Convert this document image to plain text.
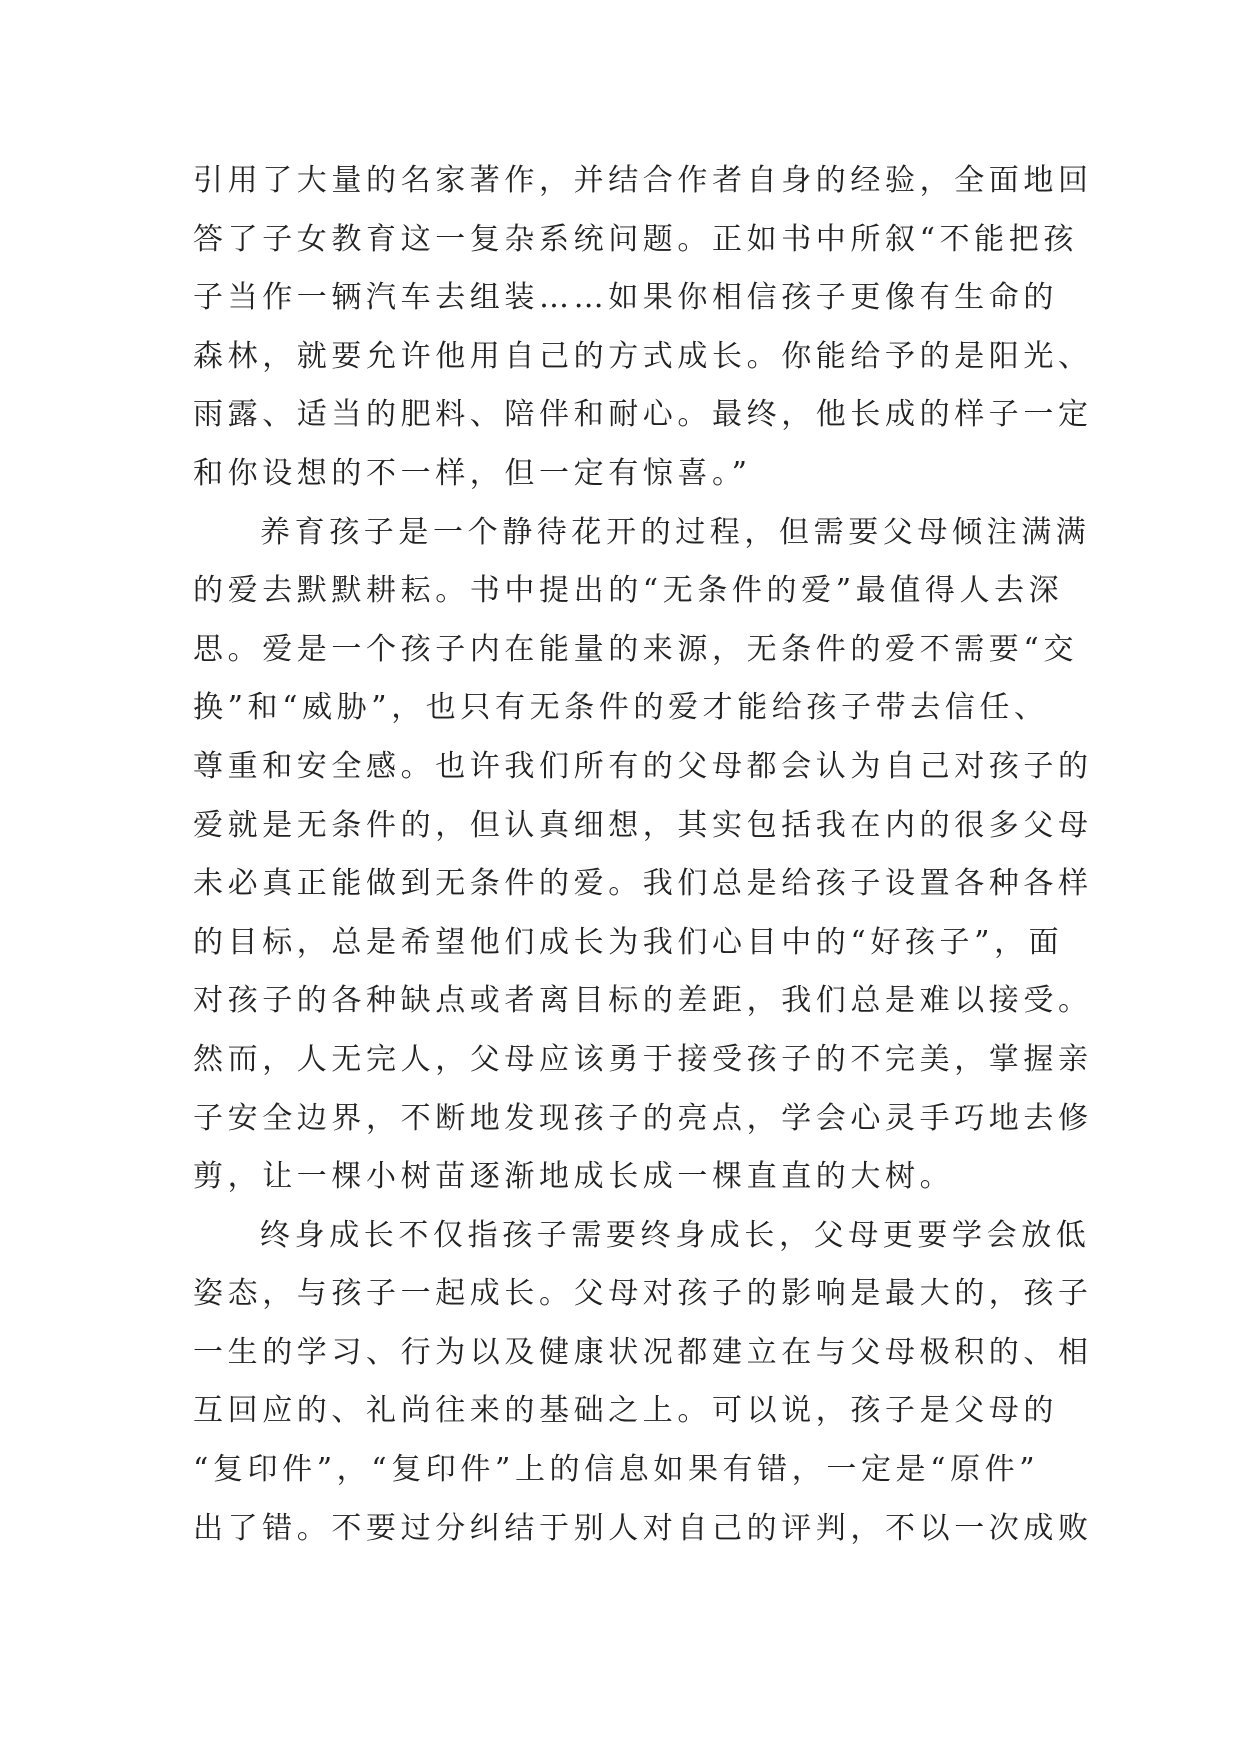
引用了大量的名家著作，并结合作者自身的经验，全面地回
答了子女教育这一复杂系统问题。正如书中所叙“不能把孩
子当作一辆汽车去组装……如果你相信孩子更像有生命的
森林，就要允许他用自己的方式成长。你能给予的是阳光、
雨露、适当的肥料、陪伴和耐心。最终，他长成的样子一定
和你设想的不一样，但一定有惊喜。”
养育孩子是一个静待花开的过程，但需要父母倾注满满
的爱去默默耕耘。书中提出的“无条件的爱”最值得人去深
思。爱是一个孩子内在能量的来源，无条件的爱不需要“交
换”和“威胁”，也只有无条件的爱才能给孩子带去信任、
尊重和安全感。也许我们所有的父母都会认为自己对孩子的
爱就是无条件的，但认真细想，其实包括我在内的很多父母
未必真正能做到无条件的爱。我们总是给孩子设置各种各样
的目标，总是希望他们成长为我们心目中的“好孩子”，面
对孩子的各种缺点或者离目标的差距，我们总是难以接受。
然而，人无完人，父母应该勇于接受孩子的不完美，掌握亲
子安全边界，不断地发现孩子的亮点，学会心灵手巧地去修
剪，让一棵小树苗逐渐地成长成一棵直直的大树。
终身成长不仅指孩子需要终身成长，父母更要学会放低
姿态，与孩子一起成长。父母对孩子的影响是最大的，孩子
一生的学习、行为以及健康状况都建立在与父母极积的、相
互回应的、礼尚往来的基础之上。可以说，孩子是父母的
“复印件”，“复印件”上的信息如果有错，一定是“原件”
出了错。不要过分纠结于别人对自己的评判，不以一次成败
